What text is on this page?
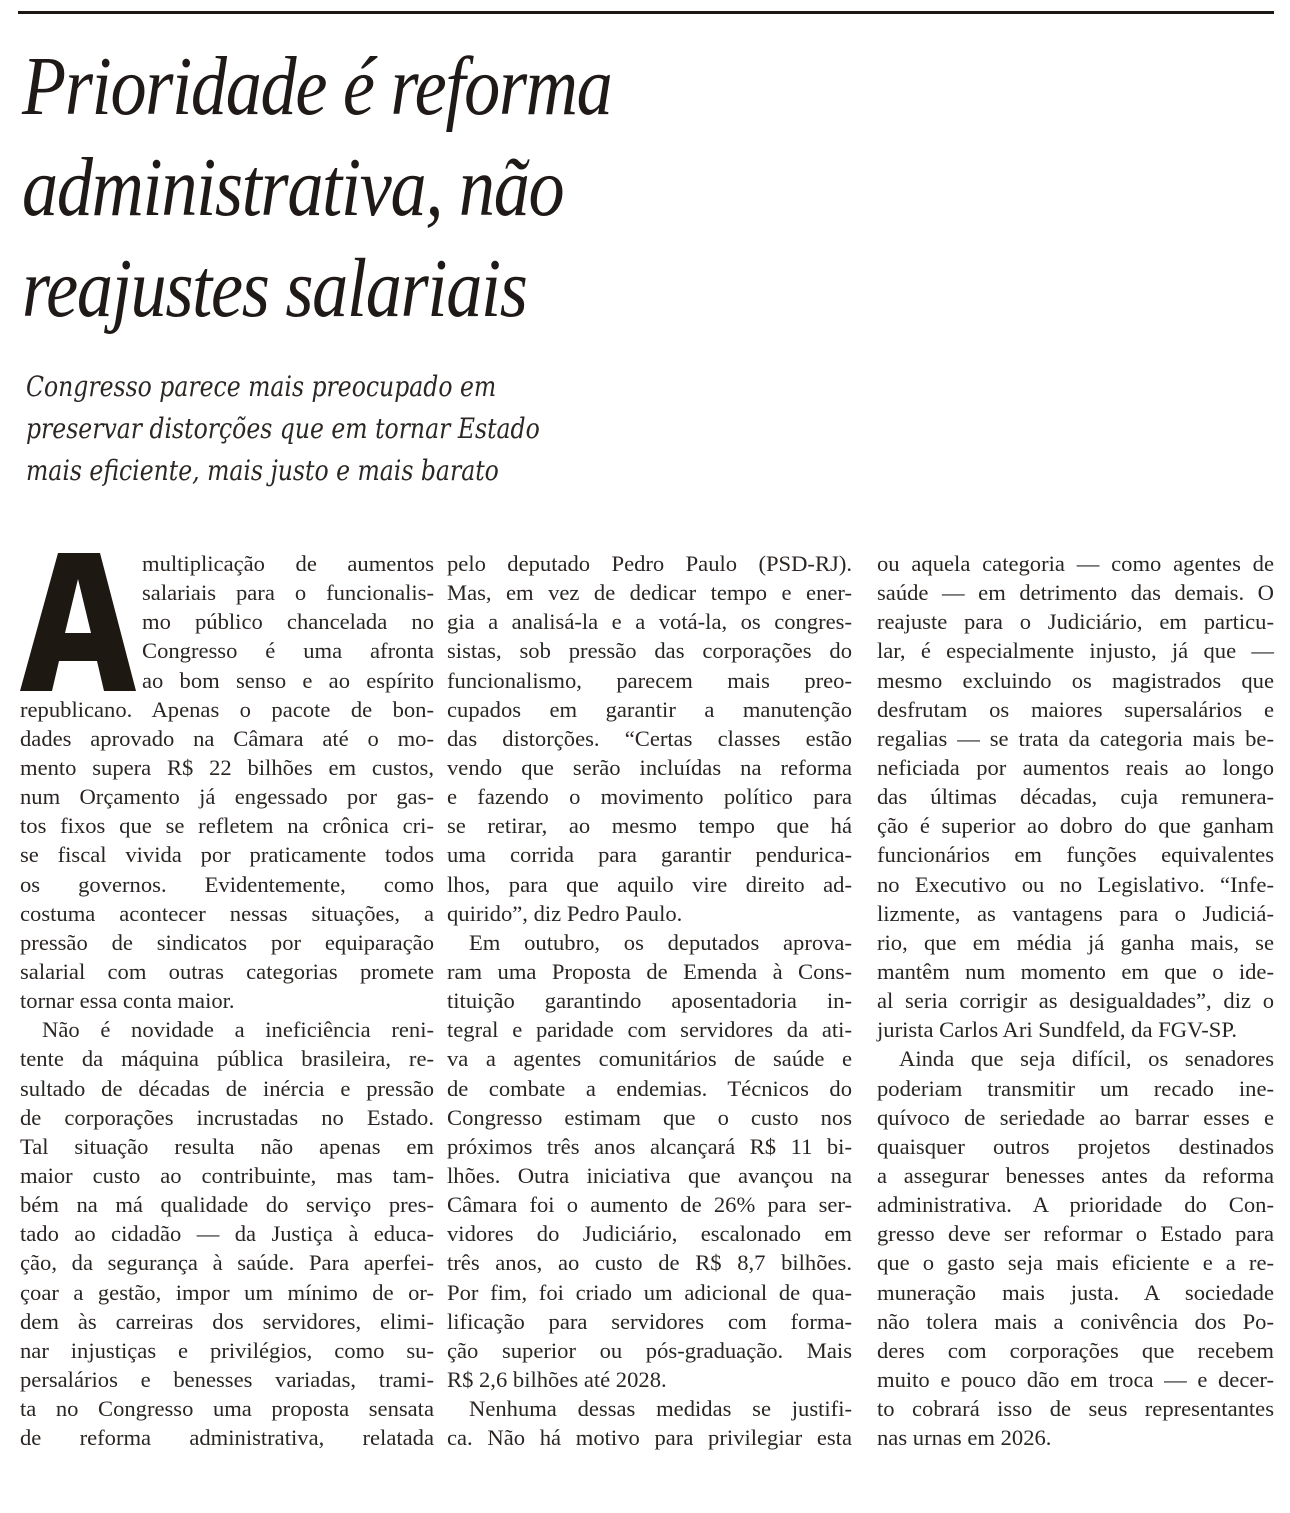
Prioridade é reforma
administrativa, não
reajustes salariais

Congresso parece mais preocupado em
preservar distorções que em tornar Estado
mais eficiente, mais justo e mais barato

multiplicação de aumentos
salariais para o funcionalis-
mo público chancelada no
Congresso é uma afronta
ao bom senso e ao espírito
republicano. Apenas o pacote de bon-
dades aprovado na Câmara até o mo-
mento supera R$ 22 bilhões em custos,
num Orçamento já engessado por gas-
tos fixos que se refletem na crônica cri-
se fiscal vivida por praticamente todos
os governos. Evidentemente, como
costuma acontecer nessas situações, a
pressão de sindicatos por equiparação
salarial com outras categorias promete
tornar essa conta maior.
Não é novidade a ineficiência reni-
tente da máquina pública brasileira, re-
sultado de décadas de inércia e pressão
de corporações incrustadas no Estado.
Tal situação resulta não apenas em
maior custo ao contribuinte, mas tam-
bém na má qualidade do serviço pres-
tado ao cidadão — da Justiça à educa-
ção, da segurança à saúde. Para aperfei-
çoar a gestão, impor um mínimo de or-
dem às carreiras dos servidores, elimi-
nar injustiças e privilégios, como su-
persalários e benesses variadas, trami-
ta no Congresso uma proposta sensata
de reforma administrativa, relatada
pelo deputado Pedro Paulo (PSD-RJ).
Mas, em vez de dedicar tempo e ener-
gia a analisá-la e a votá-la, os congres-
sistas, sob pressão das corporações do
funcionalismo, parecem mais preo-
cupados em garantir a manutenção
das distorções. “Certas classes estão
vendo que serão incluídas na reforma
e fazendo o movimento político para
se retirar, ao mesmo tempo que há
uma corrida para garantir pendurica-
lhos, para que aquilo vire direito ad-
quirido”, diz Pedro Paulo.
Em outubro, os deputados aprova-
ram uma Proposta de Emenda à Cons-
tituição garantindo aposentadoria in-
tegral e paridade com servidores da ati-
va a agentes comunitários de saúde e
de combate a endemias. Técnicos do
Congresso estimam que o custo nos
próximos três anos alcançará R$ 11 bi-
lhões. Outra iniciativa que avançou na
Câmara foi o aumento de 26% para ser-
vidores do Judiciário, escalonado em
três anos, ao custo de R$ 8,7 bilhões.
Por fim, foi criado um adicional de qua-
lificação para servidores com forma-
ção superior ou pós-graduação. Mais
R$ 2,6 bilhões até 2028.
Nenhuma dessas medidas se justifi-
ca. Não há motivo para privilegiar esta
ou aquela categoria — como agentes de
saúde — em detrimento das demais. O
reajuste para o Judiciário, em particu-
lar, é especialmente injusto, já que —
mesmo excluindo os magistrados que
desfrutam os maiores supersalários e
regalias — se trata da categoria mais be-
neficiada por aumentos reais ao longo
das últimas décadas, cuja remunera-
ção é superior ao dobro do que ganham
funcionários em funções equivalentes
no Executivo ou no Legislativo. “Infe-
lizmente, as vantagens para o Judiciá-
rio, que em média já ganha mais, se
mantêm num momento em que o ide-
al seria corrigir as desigualdades”, diz o
jurista Carlos Ari Sundfeld, da FGV-SP.
Ainda que seja difícil, os senadores
poderiam transmitir um recado ine-
quívoco de seriedade ao barrar esses e
quaisquer outros projetos destinados
a assegurar benesses antes da reforma
administrativa. A prioridade do Con-
gresso deve ser reformar o Estado para
que o gasto seja mais eficiente e a re-
muneração mais justa. A sociedade
não tolera mais a conivência dos Po-
deres com corporações que recebem
muito e pouco dão em troca — e decer-
to cobrará isso de seus representantes
nas urnas em 2026.
